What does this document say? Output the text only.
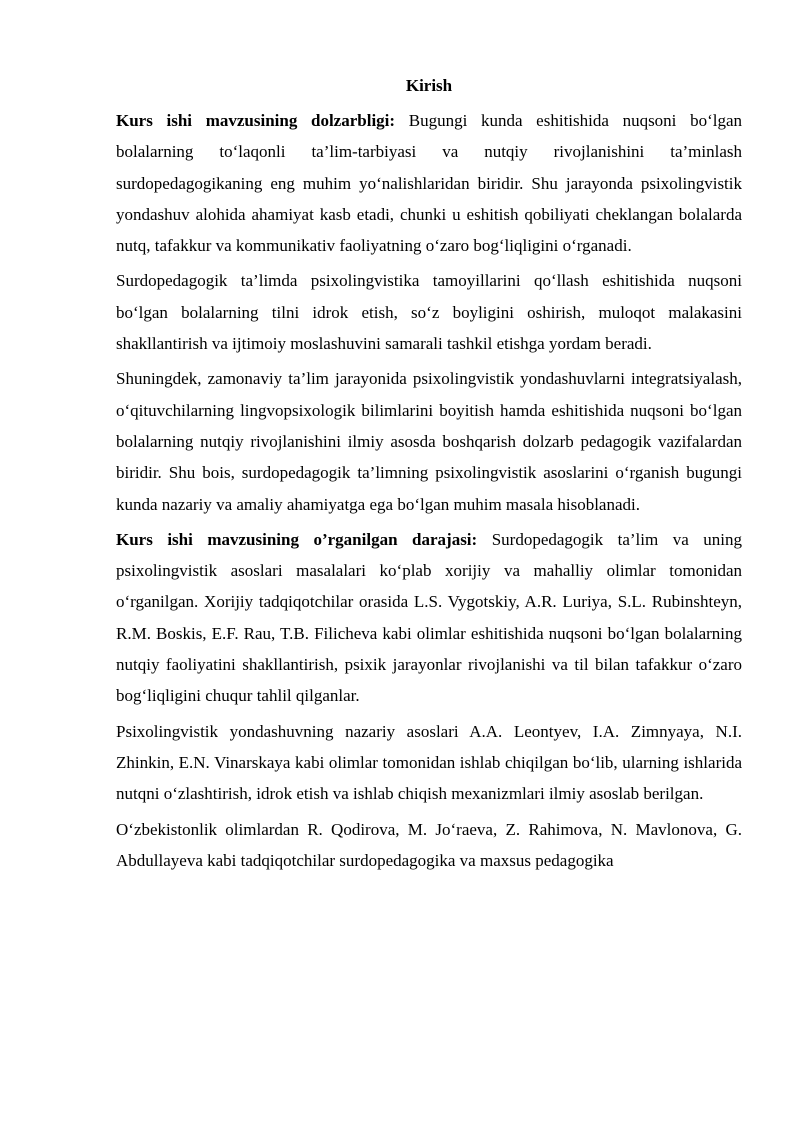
Kirish

Kurs ishi mavzusining dolzarbligi: Bugungi kunda eshitishida nuqsoni bo‘lgan bolalarning to‘laqonli ta’lim-tarbiyasi va nutqiy rivojlanishini ta’minlash surdopedagogikaning eng muhim yo‘nalishlaridan biridir. Shu jarayonda psixolingvistik yondashuv alohida ahamiyat kasb etadi, chunki u eshitish qobiliyati cheklangan bolalarda nutq, tafakkur va kommunikativ faoliyatning o‘zaro bog‘liqligini o‘rganadi.

Surdopedagogik ta’limda psixolingvistika tamoyillarini qo‘llash eshitishida nuqsoni bo‘lgan bolalarning tilni idrok etish, so‘z boyligini oshirish, muloqot malakasini shakllantirish va ijtimoiy moslashuvini samarali tashkil etishga yordam beradi.

Shuningdek, zamonaviy ta’lim jarayonida psixolingvistik yondashuvlarni integratsiyalash, o‘qituvchilarning lingvopsixologik bilimlarini boyitish hamda eshitishida nuqsoni bo‘lgan bolalarning nutqiy rivojlanishini ilmiy asosda boshqarish dolzarb pedagogik vazifalardan biridir. Shu bois, surdopedagogik ta’limning psixolingvistik asoslarini o‘rganish bugungi kunda nazariy va amaliy ahamiyatga ega bo‘lgan muhim masala hisoblanadi.

Kurs ishi mavzusining o’rganilgan darajasi: Surdopedagogik ta’lim va uning psixolingvistik asoslari masalalari ko‘plab xorijiy va mahalliy olimlar tomonidan o‘rganilgan. Xorijiy tadqiqotchilar orasida L.S. Vygotskiy, A.R. Luriya, S.L. Rubinshteyn, R.M. Boskis, E.F. Rau, T.B. Filicheva kabi olimlar eshitishida nuqsoni bo‘lgan bolalarning nutqiy faoliyatini shakllantirish, psixik jarayonlar rivojlanishi va til bilan tafakkur o‘zaro bog‘liqligini chuqur tahlil qilganlar.

Psixolingvistik yondashuvning nazariy asoslari A.A. Leontyev, I.A. Zimnyaya, N.I. Zhinkin, E.N. Vinarskaya kabi olimlar tomonidan ishlab chiqilgan bo‘lib, ularning ishlarida nutqni o‘zlashtirish, idrok etish va ishlab chiqish mexanizmlari ilmiy asoslab berilgan.

O‘zbekistonlik olimlardan R. Qodirova, M. Jo‘raeva, Z. Rahimova, N. Mavlonova, G. Abdullayeva kabi tadqiqotchilar surdopedagogika va maxsus pedagogika
